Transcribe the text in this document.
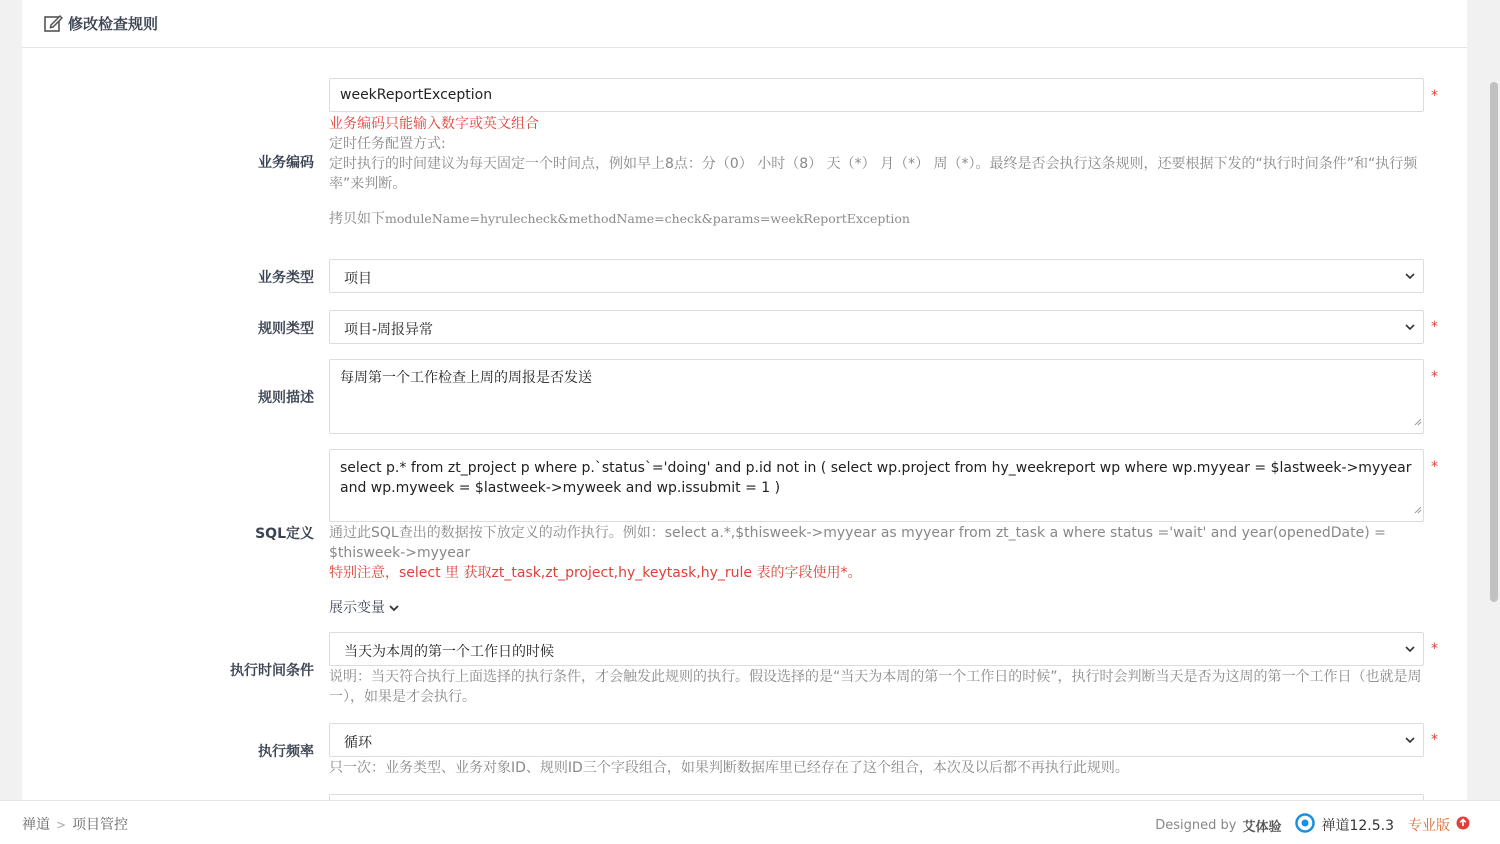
修改检查规则
业务编码
weekReportException	*
业务编码只能输入数字或英文组合
定时任务配置方式:
定时执行的时间建议为每天固定一个时间点，例如早上8点：分（0） 小时（8） 天（*） 月（*） 周（*）。最终是否会执行这条规则，还要根据下发的“执行时间条件”和“执行频率”来判断。
拷贝如下moduleName=hyrulecheck&methodName=check&params=weekReportException
业务类型	项目
规则类型	项目-周报异常	*
规则描述
每周第一个工作检查上周的周报是否发送	*
SQL定义
select p.* from zt_project p where p.`status`='doing' and p.id not in ( select wp.project from hy_weekreport wp where wp.myyear = $lastweek->myyear and wp.myweek = $lastweek->myweek and wp.issubmit = 1 )
*
通过此SQL查出的数据按下放定义的动作执行。例如：select a.*,$thisweek->myyear as myyear from zt_task a where status ='wait' and year(openedDate) = $thisweek->myyear
特别注意，select 里 获取zt_task,zt_project,hy_keytask,hy_rule 表的字段使用*。
展示变量
执行时间条件
当天为本周的第一个工作日的时候	*
说明：当天符合执行上面选择的执行条件，才会触发此规则的执行。假设选择的是“当天为本周的第一个工作日的时候”，执行时会判断当天是否为这周的第一个工作日（也就是周一），如果是才会执行。
执行频率
循环	*
只一次：业务类型、业务对象ID、规则ID三个字段组合，如果判断数据库里已经存在了这个组合，本次及以后都不再执行此规则。
禅道 > 项目管控	Designed by 艾体验	禅道12.5.3 专业版
